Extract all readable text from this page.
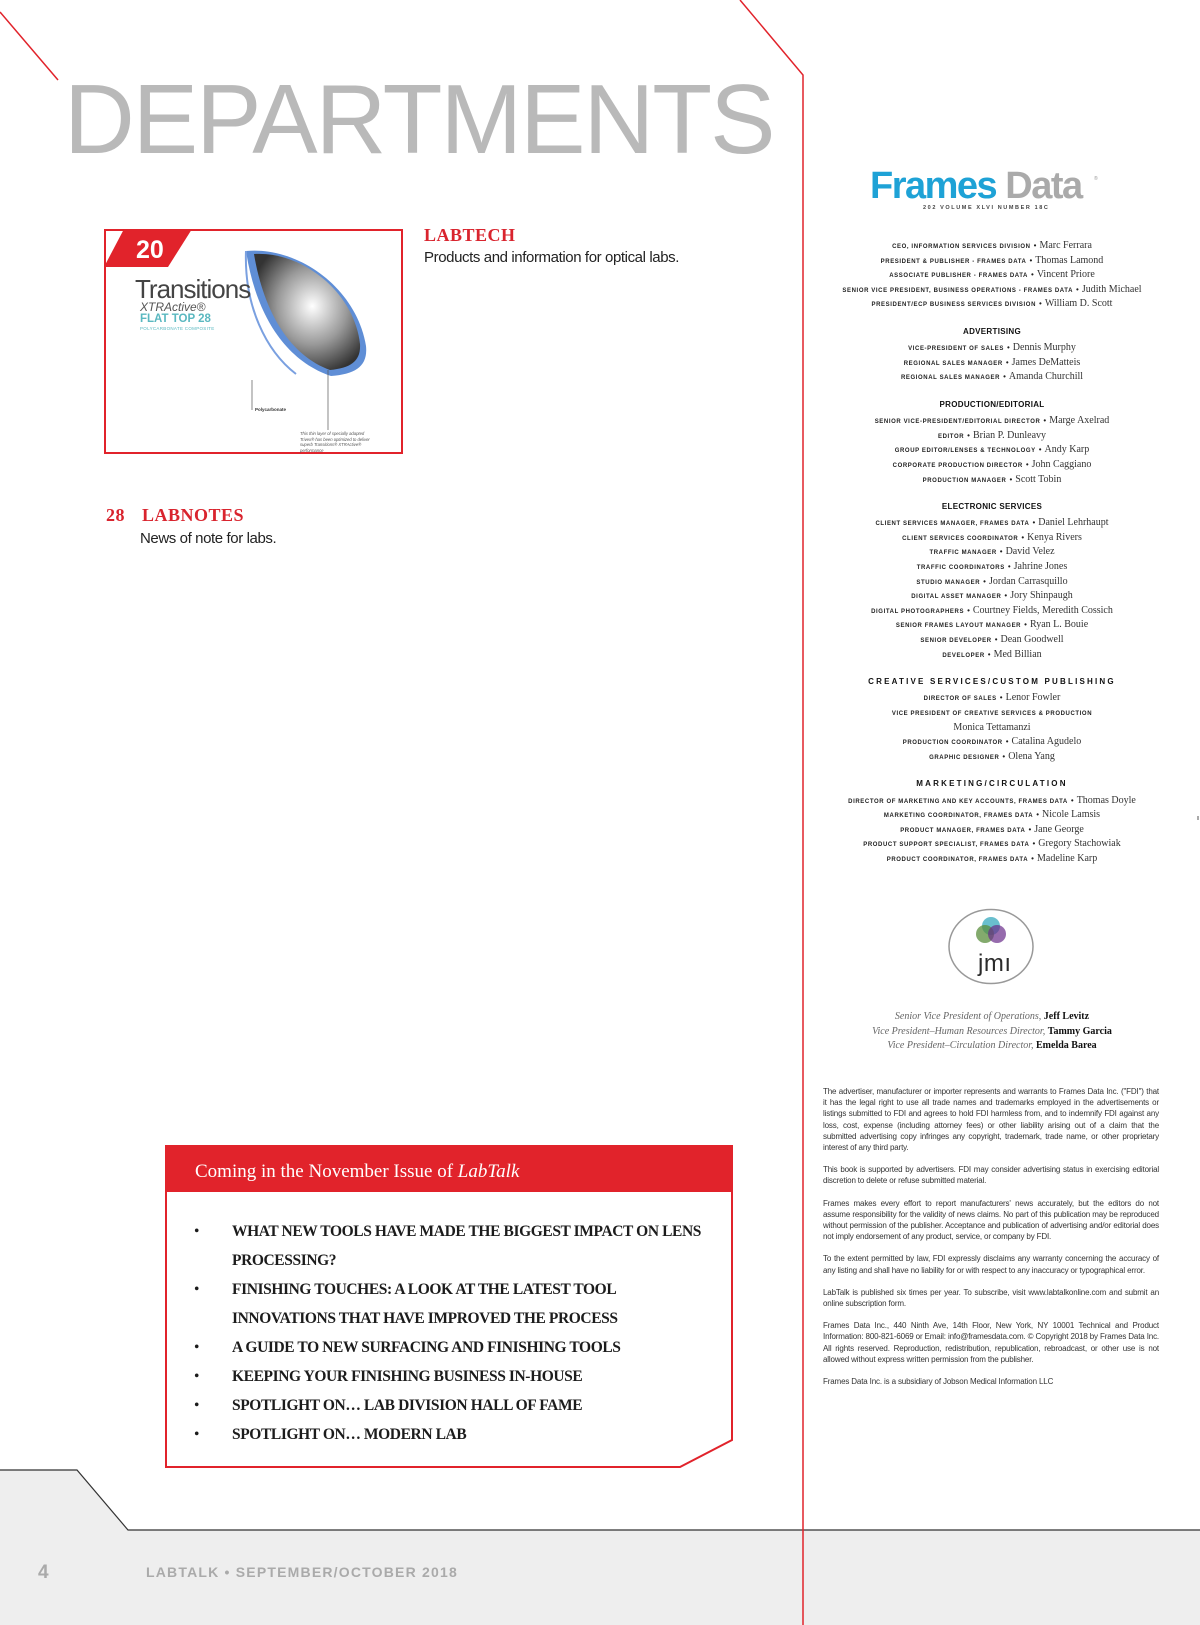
DEPARTMENTS
20
Transitions
XTRActive®
FLAT TOP 28
POLYCARBONATE COMPOSITE
Polycarbonate
This thin layer of specially adapted Trivex® has been optimized to deliver superb Transitions® XTRActive® performance
LABTECH
Products and information for optical labs.
28 LABNOTES
News of note for labs.
Coming in the November Issue of LabTalk
• WHAT NEW TOOLS HAVE MADE THE BIGGEST IMPACT ON LENS PROCESSING?
• FINISHING TOUCHES: A LOOK AT THE LATEST TOOL INNOVATIONS THAT HAVE IMPROVED THE PROCESS
• A GUIDE TO NEW SURFACING AND FINISHING TOOLS
• KEEPING YOUR FINISHING BUSINESS IN-HOUSE
• SPOTLIGHT ON… LAB DIVISION HALL OF FAME
• SPOTLIGHT ON… MODERN LAB
4	LABTALK • SEPTEMBER/OCTOBER 2018
Frames Data ®
202 VOLUME XLVI NUMBER 18C
CEO, INFORMATION SERVICES DIVISION • Marc Ferrara
PRESIDENT & PUBLISHER - FRAMES DATA • Thomas Lamond
ASSOCIATE PUBLISHER - FRAMES DATA • Vincent Priore
SENIOR VICE PRESIDENT, BUSINESS OPERATIONS - FRAMES DATA • Judith Michael
PRESIDENT/ECP BUSINESS SERVICES DIVISION • William D. Scott
ADVERTISING
VICE-PRESIDENT OF SALES • Dennis Murphy
REGIONAL SALES MANAGER • James DeMatteis
REGIONAL SALES MANAGER • Amanda Churchill
PRODUCTION/EDITORIAL
SENIOR VICE-PRESIDENT/EDITORIAL DIRECTOR • Marge Axelrad
EDITOR • Brian P. Dunleavy
GROUP EDITOR/LENSES & TECHNOLOGY • Andy Karp
CORPORATE PRODUCTION DIRECTOR • John Caggiano
PRODUCTION MANAGER • Scott Tobin
ELECTRONIC SERVICES
CLIENT SERVICES MANAGER, FRAMES DATA • Daniel Lehrhaupt
CLIENT SERVICES COORDINATOR • Kenya Rivers
TRAFFIC MANAGER • David Velez
TRAFFIC COORDINATORS • Jahrine Jones
STUDIO MANAGER • Jordan Carrasquillo
DIGITAL ASSET MANAGER • Jory Shinpaugh
DIGITAL PHOTOGRAPHERS • Courtney Fields, Meredith Cossich
SENIOR FRAMES LAYOUT MANAGER • Ryan L. Bouie
SENIOR DEVELOPER • Dean Goodwell
DEVELOPER • Med Billian
CREATIVE SERVICES/CUSTOM PUBLISHING
DIRECTOR OF SALES • Lenor Fowler
VICE PRESIDENT OF CREATIVE SERVICES & PRODUCTION
Monica Tettamanzi
PRODUCTION COORDINATOR • Catalina Agudelo
GRAPHIC DESIGNER • Olena Yang
MARKETING/CIRCULATION
DIRECTOR OF MARKETING AND KEY ACCOUNTS, FRAMES DATA • Thomas Doyle
MARKETING COORDINATOR, FRAMES DATA • Nicole Lamsis
PRODUCT MANAGER, FRAMES DATA • Jane George
PRODUCT SUPPORT SPECIALIST, FRAMES DATA • Gregory Stachowiak
PRODUCT COORDINATOR, FRAMES DATA • Madeline Karp
jmı
Senior Vice President of Operations, Jeff Levitz
Vice President–Human Resources Director, Tammy Garcia
Vice President–Circulation Director, Emelda Barea

The advertiser, manufacturer or importer represents and warrants to Frames Data Inc. ("FDI") that it has the legal right to use all trade names and trademarks employed in the advertisements or listings submitted to FDI and agrees to hold FDI harmless from, and to indemnify FDI against any loss, cost, expense (including attorney fees) or other liability arising out of a claim that the submitted advertising copy infringes any copyright, trademark, trade name, or other proprietary interest of any third party.

This book is supported by advertisers. FDI may consider advertising status in exercising editorial discretion to delete or refuse submitted material.

Frames makes every effort to report manufacturers' news accurately, but the editors do not assume responsibility for the validity of news claims. No part of this publication may be reproduced without permission of the publisher. Acceptance and publication of advertising and/or editorial does not imply endorsement of any product, service, or company by FDI.

To the extent permitted by law, FDI expressly disclaims any warranty concerning the accuracy of any listing and shall have no liability for or with respect to any inaccuracy or typographical error.

LabTalk is published six times per year. To subscribe, visit www.labtalkonline.com and submit an online subscription form.

Frames Data Inc., 440 Ninth Ave, 14th Floor, New York, NY 10001 Technical and Product Information: 800-821-6069 or Email: info@framesdata.com. © Copyright 2018 by Frames Data Inc. All rights reserved. Reproduction, redistribution, republication, rebroadcast, or other use is not allowed without express written permission from the publisher.

Frames Data Inc. is a subsidiary of Jobson Medical Information LLC
